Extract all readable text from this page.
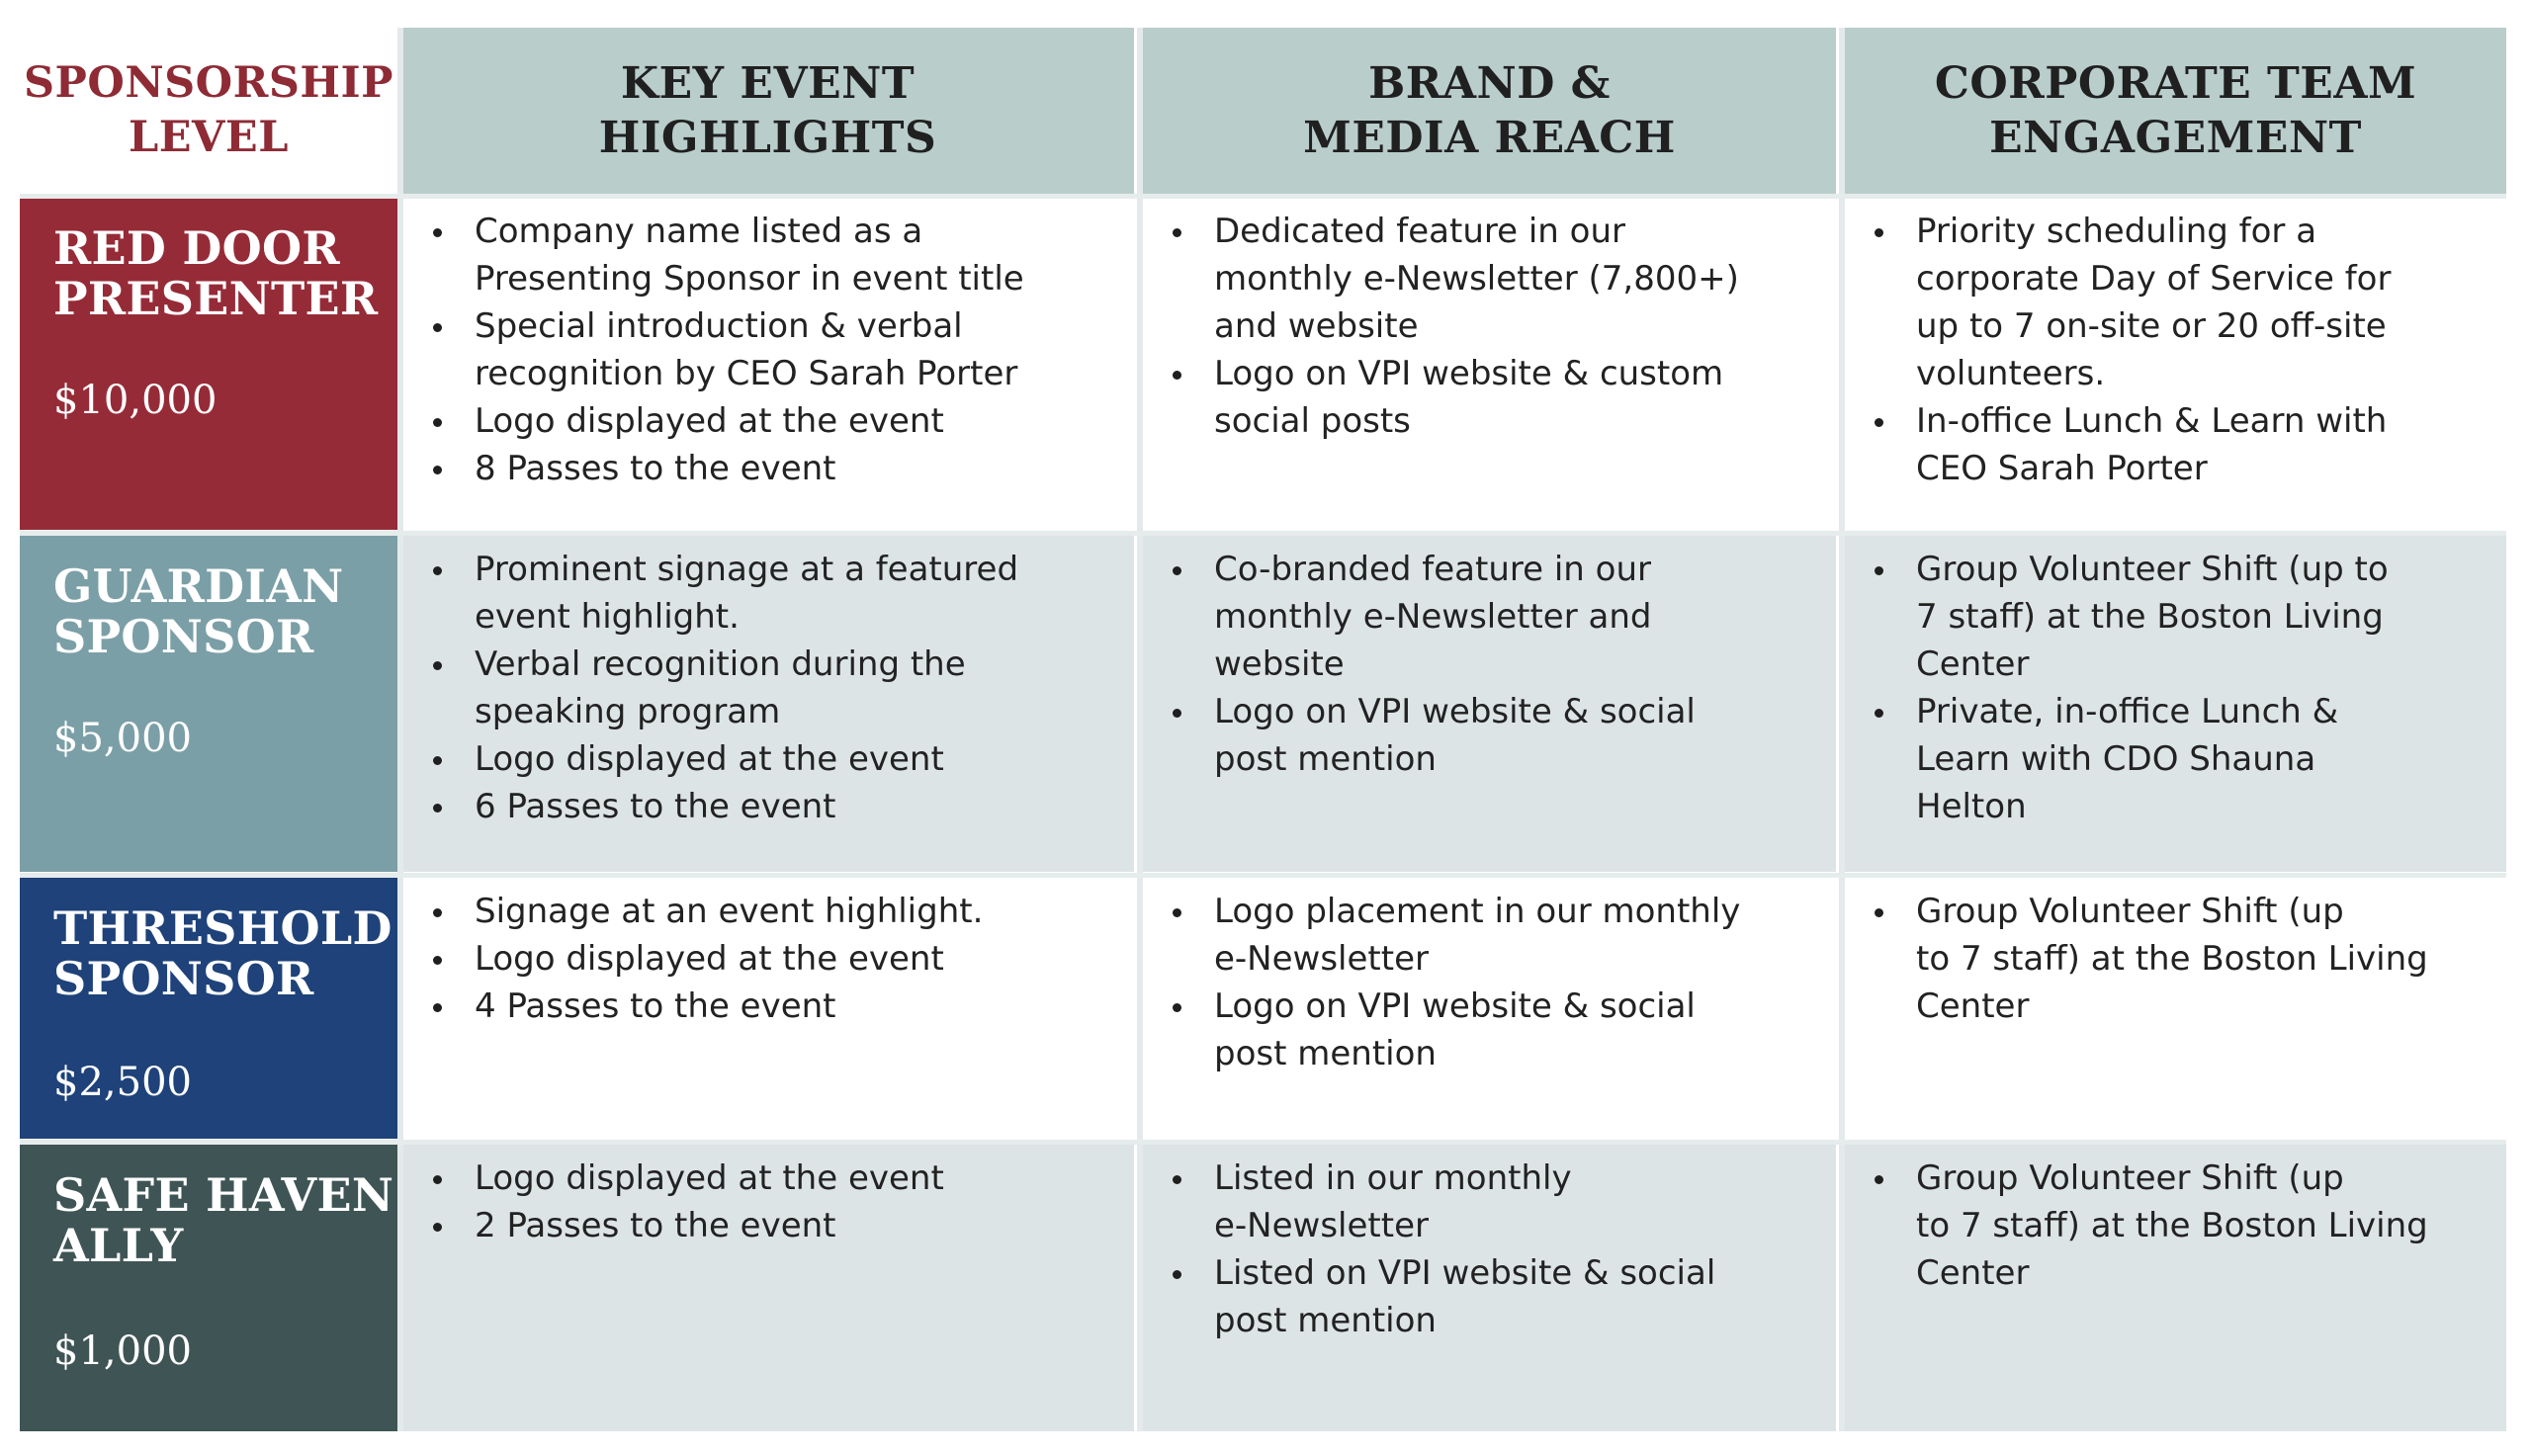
SPONSORSHIP
LEVEL
KEY EVENT
HIGHLIGHTS
BRAND &
MEDIA REACH
CORPORATE TEAM
ENGAGEMENT
RED DOOR
PRESENTER
$10,000
Company name listed as a
Presenting Sponsor in event title
Special introduction & verbal
recognition by CEO Sarah Porter
Logo displayed at the event
8 Passes to the event
Dedicated feature in our
monthly e-Newsletter (7,800+)
and website
Logo on VPI website & custom
social posts
Priority scheduling for a
corporate Day of Service for
up to 7 on-site or 20 off-site
volunteers.
In-office Lunch & Learn with
CEO Sarah Porter
GUARDIAN
SPONSOR
$5,000
Prominent signage at a featured
event highlight.
Verbal recognition during the
speaking program
Logo displayed at the event
6 Passes to the event
Co-branded feature in our
monthly e-Newsletter and
website
Logo on VPI website & social
post mention
Group Volunteer Shift (up to
7 staff) at the Boston Living
Center
Private, in-office Lunch &
Learn with CDO Shauna
Helton
THRESHOLD
SPONSOR
$2,500
Signage at an event highlight.
Logo displayed at the event
4 Passes to the event
Logo placement in our monthly
e-Newsletter
Logo on VPI website & social
post mention
Group Volunteer Shift (up
to 7 staff) at the Boston Living
Center
SAFE HAVEN
ALLY
$1,000
Logo displayed at the event
2 Passes to the event
Listed in our monthly
e-Newsletter
Listed on VPI website & social
post mention
Group Volunteer Shift (up
to 7 staff) at the Boston Living
Center
